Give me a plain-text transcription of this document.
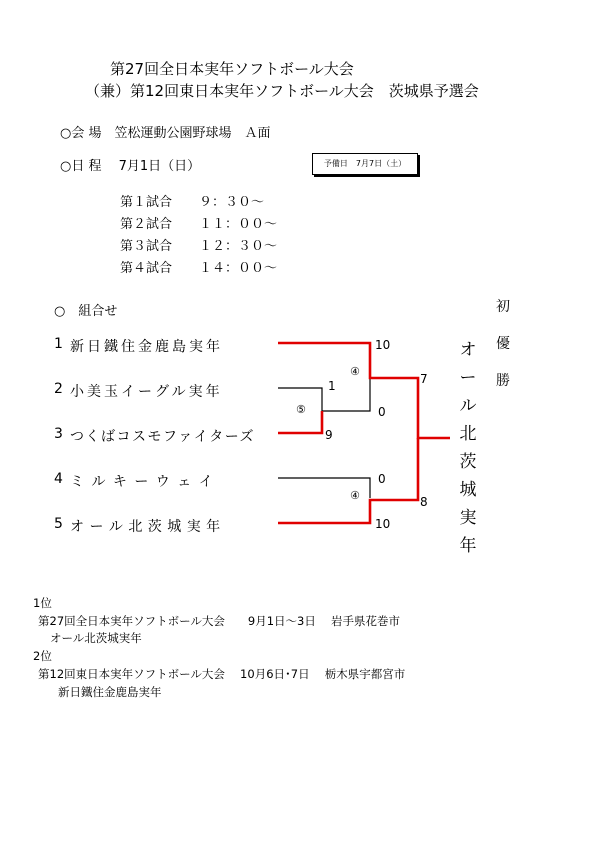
第27回全日本実年ソフトボール大会
（兼）第12回東日本実年ソフトボール大会　茨城県予選会
○会 場　笠松運動公園野球場　Ａ面
○日 程　 7月1日（日）	予備日　7月7日（土）
第１試合 ９：３０～
第２試合 １１：００～
第３試合 １２：３０～
第４試合 １４：００～
○　組合せ
1 新日鐵住金鹿島実年
2 小美玉イーグル実年
3 つくばコスモファイターズ
4 ミ ル キ ー ウ ェ イ
5 オ ー ル 北 茨 城 実 年
10
1
0
9
7
0
8
10
④
⑤
④
オ
ー
ル
北
茨
城
実
年
初
優
勝
1位
第27回全日本実年ソフトボール大会　　9月1日～3日　 岩手県花巻市
オール北茨城実年
2位
第12回東日本実年ソフトボール大会　 10月6日･7日　 栃木県宇都宮市
新日鐵住金鹿島実年
